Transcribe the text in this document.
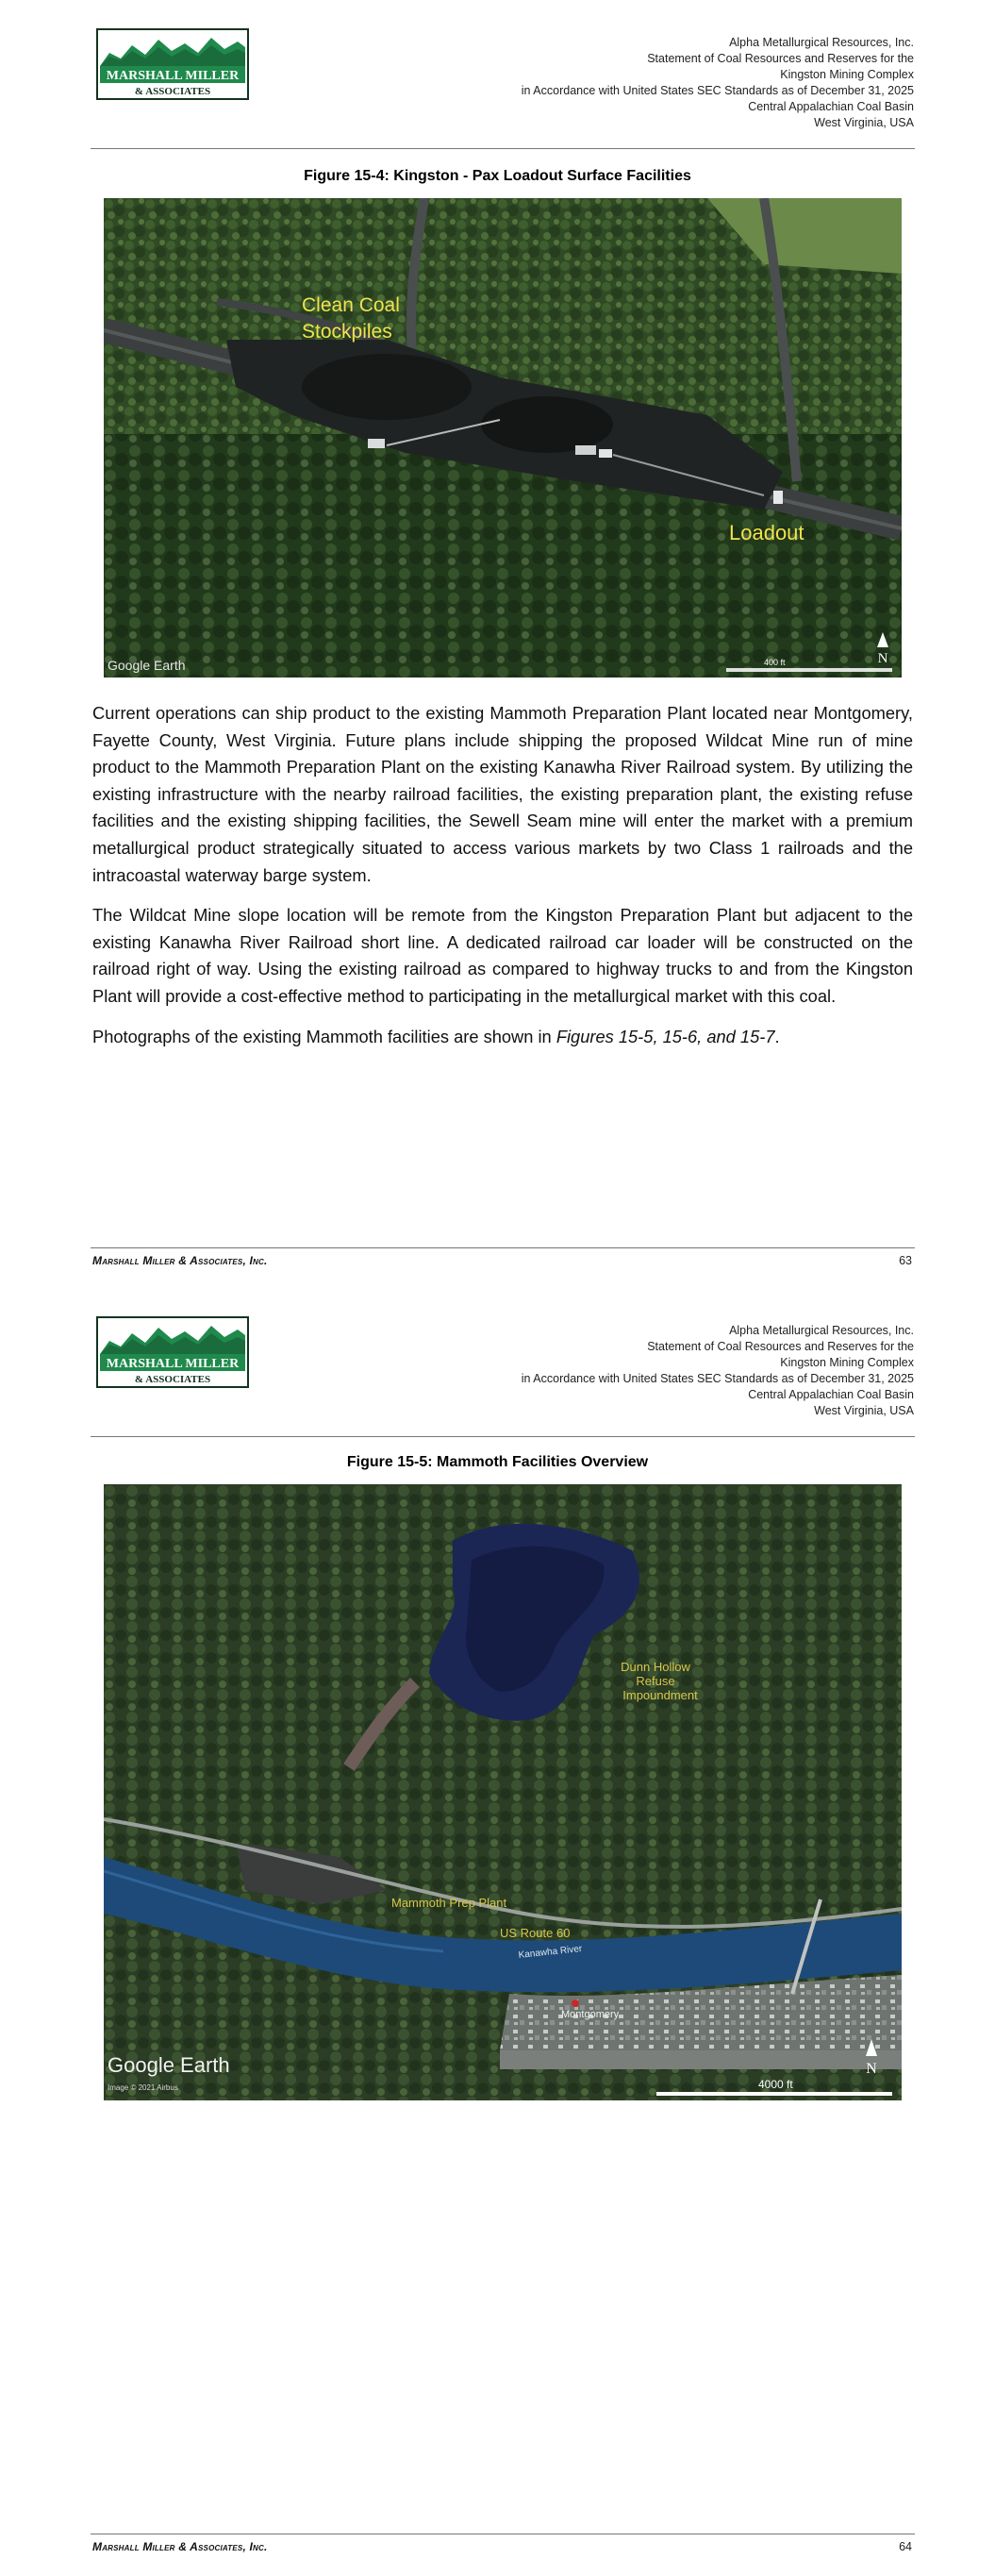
MARSHALL MILLER
& ASSOCIATES
Alpha Metallurgical Resources, Inc.
Statement of Coal Resources and Reserves for the
Kingston Mining Complex
in Accordance with United States SEC Standards as of December 31, 2025
Central Appalachian Coal Basin
West Virginia, USA
Figure 15-4: Kingston - Pax Loadout Surface Facilities
Clean Coal
Stockpiles
Loadout
Google Earth	N
400 ft

Current operations can ship product to the existing Mammoth Preparation Plant located near Montgomery, Fayette County, West Virginia. Future plans include shipping the proposed Wildcat Mine run of mine product to the Mammoth Preparation Plant on the existing Kanawha River Railroad system. By utilizing the existing infrastructure with the nearby railroad facilities, the existing preparation plant, the existing refuse facilities and the existing shipping facilities, the Sewell Seam mine will enter the market with a premium metallurgical product strategically situated to access various markets by two Class 1 railroads and the intracoastal waterway barge system.

The Wildcat Mine slope location will be remote from the Kingston Preparation Plant but adjacent to the existing Kanawha River Railroad short line. A dedicated railroad car loader will be constructed on the railroad right of way. Using the existing railroad as compared to highway trucks to and from the Kingston Plant will provide a cost-effective method to participating in the metallurgical market with this coal.

Photographs of the existing Mammoth facilities are shown in Figures 15-5, 15-6, and 15-7.

Marshall Miller & Associates, Inc.	63
MARSHALL MILLER
& ASSOCIATES
Alpha Metallurgical Resources, Inc.
Statement of Coal Resources and Reserves for the
Kingston Mining Complex
in Accordance with United States SEC Standards as of December 31, 2025
Central Appalachian Coal Basin
West Virginia, USA
Figure 15-5: Mammoth Facilities Overview
Dunn Hollow
Refuse
Impoundment
Mammoth Prep Plant
US Route 60
Kanawha River
Montgomery
Google Earth
Image © 2021 Airbus
N
4000 ft
Marshall Miller & Associates, Inc.	64
